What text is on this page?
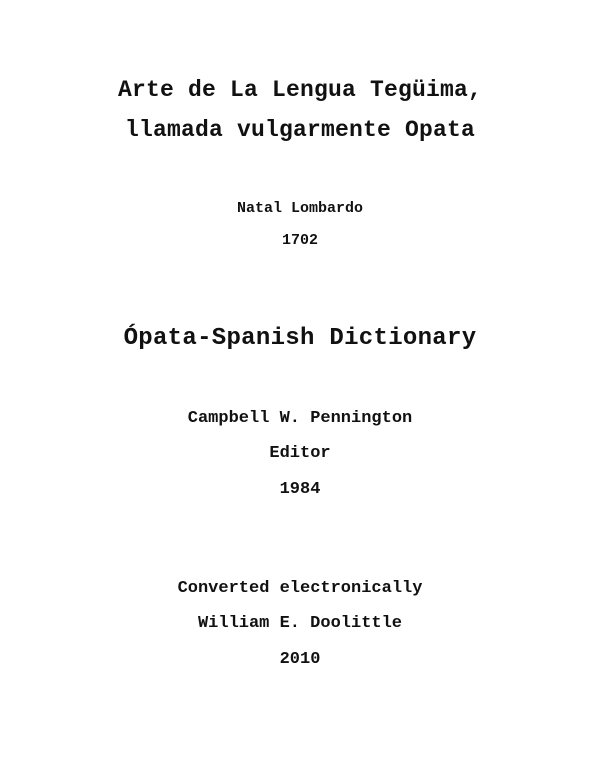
Arte de La Lengua Tegüima,
llamada vulgarmente Opata
Natal Lombardo
1702
Ópata-Spanish Dictionary
Campbell W. Pennington
Editor
1984
Converted electronically
William E. Doolittle
2010
